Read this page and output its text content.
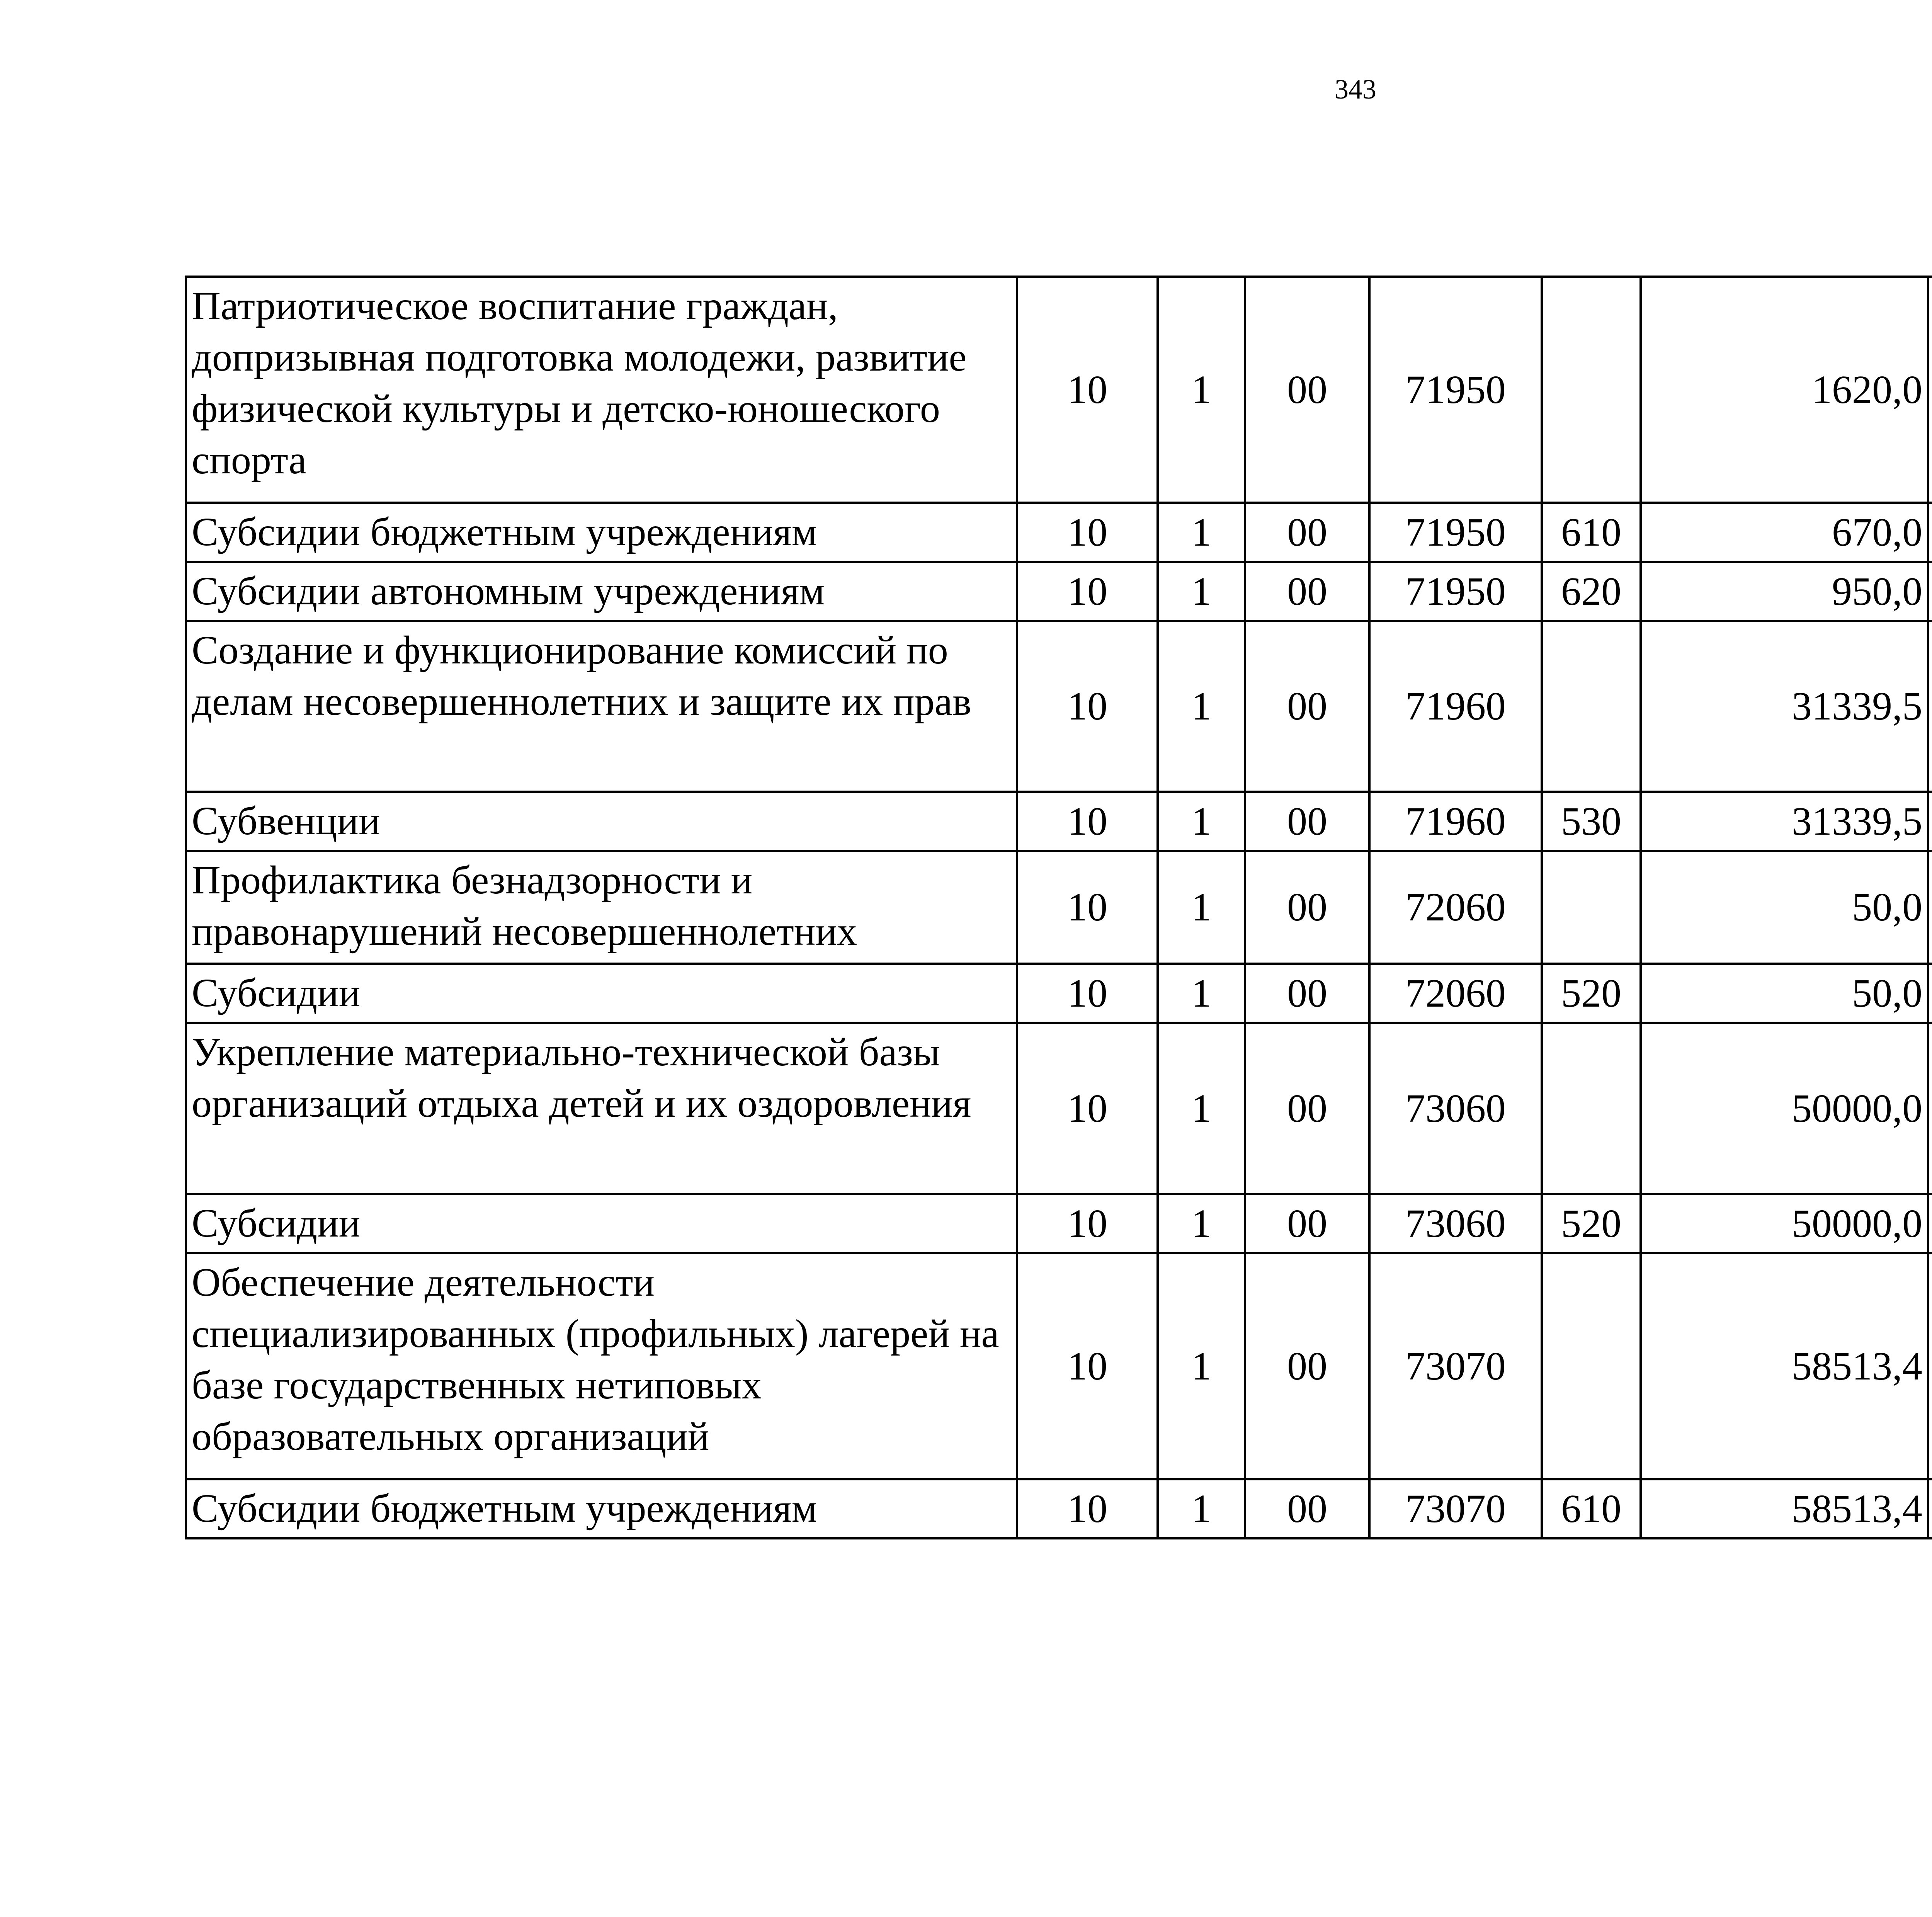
343
Патриотическое воспитание граждан, допризывная подготовка молодежи, развитие физической культуры и детско-юношеского спорта	10	1	00	71950		1620,0		
Субсидии бюджетным учреждениям	10	1	00	71950	610	670,0		
Субсидии автономным учреждениям	10	1	00	71950	620	950,0		
Создание и функционирование комиссий по делам несовершеннолетних и защите их прав	10	1	00	71960		31339,5		
Субвенции	10	1	00	71960	530	31339,5		
Профилактика безнадзорности и правонарушений несовершеннолетних	10	1	00	72060		50,0		
Субсидии	10	1	00	72060	520	50,0		
Укрепление материально-технической базы организаций отдыха детей и их оздоровления	10	1	00	73060		50000,0		
Субсидии	10	1	00	73060	520	50000,0		
Обеспечение деятельности специализированных (профильных) лагерей на базе государственных нетиповых образовательных организаций	10	1	00	73070		58513,4		
Субсидии бюджетным учреждениям	10	1	00	73070	610	58513,4		
